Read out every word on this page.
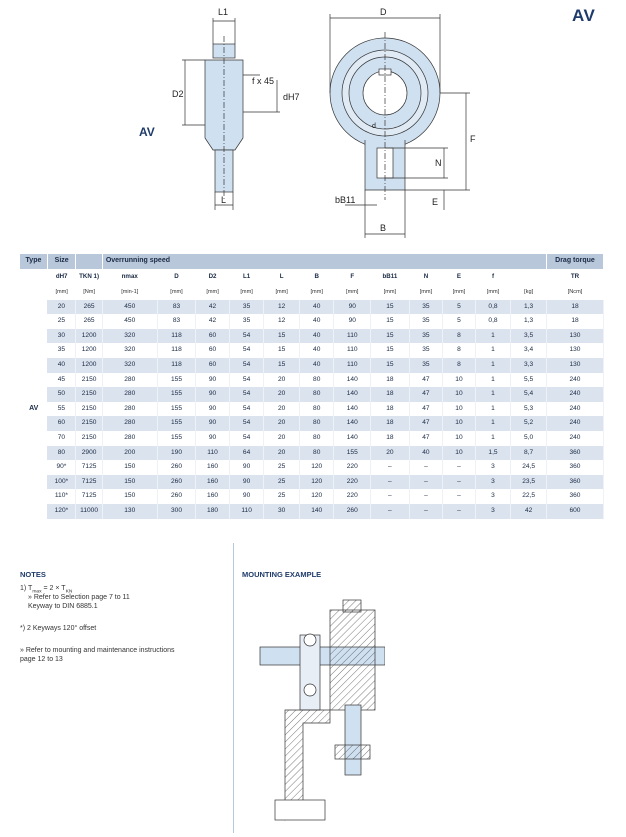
AV
AV
L1
D2
f x 45
dH7
L
D
d
F
N
E
bB11
B
Type	Size		Overrunning speed												Drag torque
	dH7	TKN 1)	nmax	D	D2	L1	L	B	F	bB11	N	E	f		TR
	[mm]	[Nm]	[min-1]	[mm]	[mm]	[mm]	[mm]	[mm]	[mm]	[mm]	[mm]	[mm]	[mm]	[kg]	[Ncm]
AV	20	265	450	83	42	35	12	40	90	15	35	5	0,8	1,3	18
	25	265	450	83	42	35	12	40	90	15	35	5	0,8	1,3	18
	30	1200	320	118	60	54	15	40	110	15	35	8	1	3,5	130
	35	1200	320	118	60	54	15	40	110	15	35	8	1	3,4	130
	40	1200	320	118	60	54	15	40	110	15	35	8	1	3,3	130
	45	2150	280	155	90	54	20	80	140	18	47	10	1	5,5	240
	50	2150	280	155	90	54	20	80	140	18	47	10	1	5,4	240
	55	2150	280	155	90	54	20	80	140	18	47	10	1	5,3	240
	60	2150	280	155	90	54	20	80	140	18	47	10	1	5,2	240
	70	2150	280	155	90	54	20	80	140	18	47	10	1	5,0	240
	80	2900	200	190	110	64	20	80	155	20	40	10	1,5	8,7	360
	90*	7125	150	260	160	90	25	120	220	–	–	–	3	24,5	360
	100*	7125	150	260	160	90	25	120	220	–	–	–	3	23,5	360
	110*	7125	150	260	160	90	25	120	220	–	–	–	3	22,5	360
	120*	11000	130	300	180	110	30	140	260	–	–	–	3	42	600
NOTES
1) $T_{max} = 2 \times T_{KN}$
» Refer to Selection page 7 to 11
Keyway to DIN 6885.1
*) 2 Keyways 120° offset
» Refer to mounting and maintenance instructions
page 12 to 13
MOUNTING EXAMPLE
